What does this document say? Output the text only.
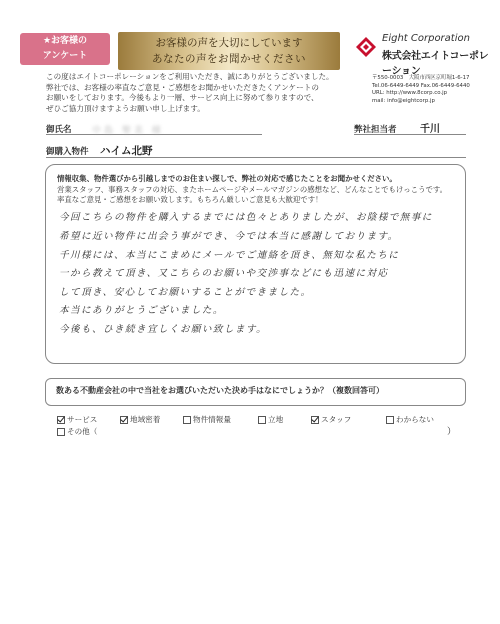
★お客様の
アンケート
お客様の声を大切にしています
あなたの声をお聞かせください
Eight Corporation
株式会社エイトコーポレーション
〒550-0003　大阪市西区京町堀1-6-17
Tel.06-6449-6449 Fax.06-6449-6440
URL: http://www.8corp.co.jp
mail: info@eightcorp.jp
この度はエイトコーポレーションをご利用いただき、誠にありがとうございました。
弊社では、お客様の率直なご意見・ご感想をお聞かせいただきたくアンケートの
お願いをしております。今後もより一層、サービス向上に努めて参りますので、
ぜひご協力頂けますようお願い申し上げます。
御氏名 中島 聖美 様	弊社担当者 千川
御購入物件 ハイム北野
情報収集、物件選びから引越しまでのお住まい探しで、弊社の対応で感じたことをお聞かせください。
営業スタッフ、事務スタッフの対応、またホームページやメールマガジンの感想など、どんなことでもけっこうです。
率直なご意見・ご感想をお願い致します。もちろん厳しいご意見も大歓迎です！
今回こちらの物件を購入するまでには色々とありましたが、お陰様で無事に
希望に近い物件に出会う事ができ、今では本当に感謝しております。
千川様には、本当にこまめにメールでご連絡を頂き、無知な私たちに
一から教えて頂き、又こちらのお願いや交渉事などにも迅速に対応
して頂き、安心してお願いすることができました。
本当にありがとうございました。
今後も、ひき続き宜しくお願い致します。
数ある不動産会社の中で当社をお選びいただいた決め手はなにでしょうか？（複数回答可）
サービス	地域密着	物件情報量	立地	スタッフ	わからない
その他（	）
